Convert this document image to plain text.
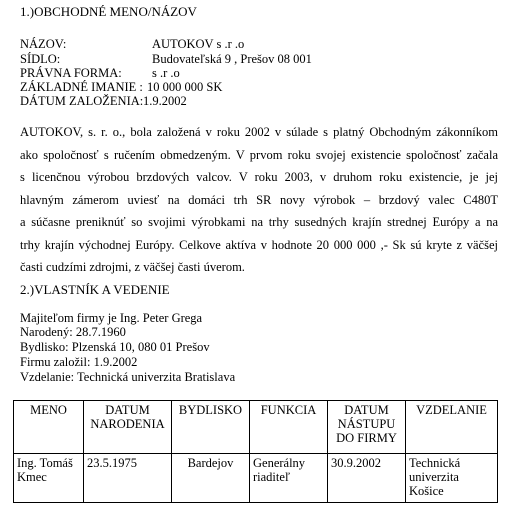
1.)OBCHODNÉ MENO/NÁZOV
NÁZOV:	AUTOKOV s .r .o
SÍDLO:	Budovateľská 9 , Prešov 08 001
PRÁVNA FORMA: s .r .o
ZÁKLADNÉ IMANIE : 10 000 000 SK
DÁTUM ZALOŽENIA: 1.9.2002
AUTOKOV, s. r. o., bola založená v roku 2002 v súlade s platný Obchodným zákonníkom
ako spoločnosť s ručením obmedzeným. V prvom roku svojej existencie spoločnosť začala
s licenčnou výrobou brzdových valcov. V roku 2003, v druhom roku existencie, je jej
hlavným zámerom uviesť na domáci trh SR novy výrobok – brzdový valec C480T
a súčasne preniknúť so svojimi výrobkami na trhy susedných krajín strednej Európy a na
trhy krajín východnej Európy. Celkove aktíva v hodnote 20 000 000 ,- Sk sú kryte z väčšej
časti cudzími zdrojmi, z väčšej časti úverom.
2.)VLASTNÍK A VEDENIE
Majiteľom firmy je Ing. Peter Grega
Narodený: 28.7.1960
Bydlisko: Plzenská 10, 080 01 Prešov
Firmu založil: 1.9.2002
Vzdelanie: Technická univerzita Bratislava
MENO	DATUM NARODENIA	BYDLISKO	FUNKCIA	DATUM NÁSTUPU DO FIRMY	VZDELANIE
Ing. Tomáš Kmec	23.5.1975	Bardejov	Generálny riaditeľ	30.9.2002	Technická univerzita Košice
